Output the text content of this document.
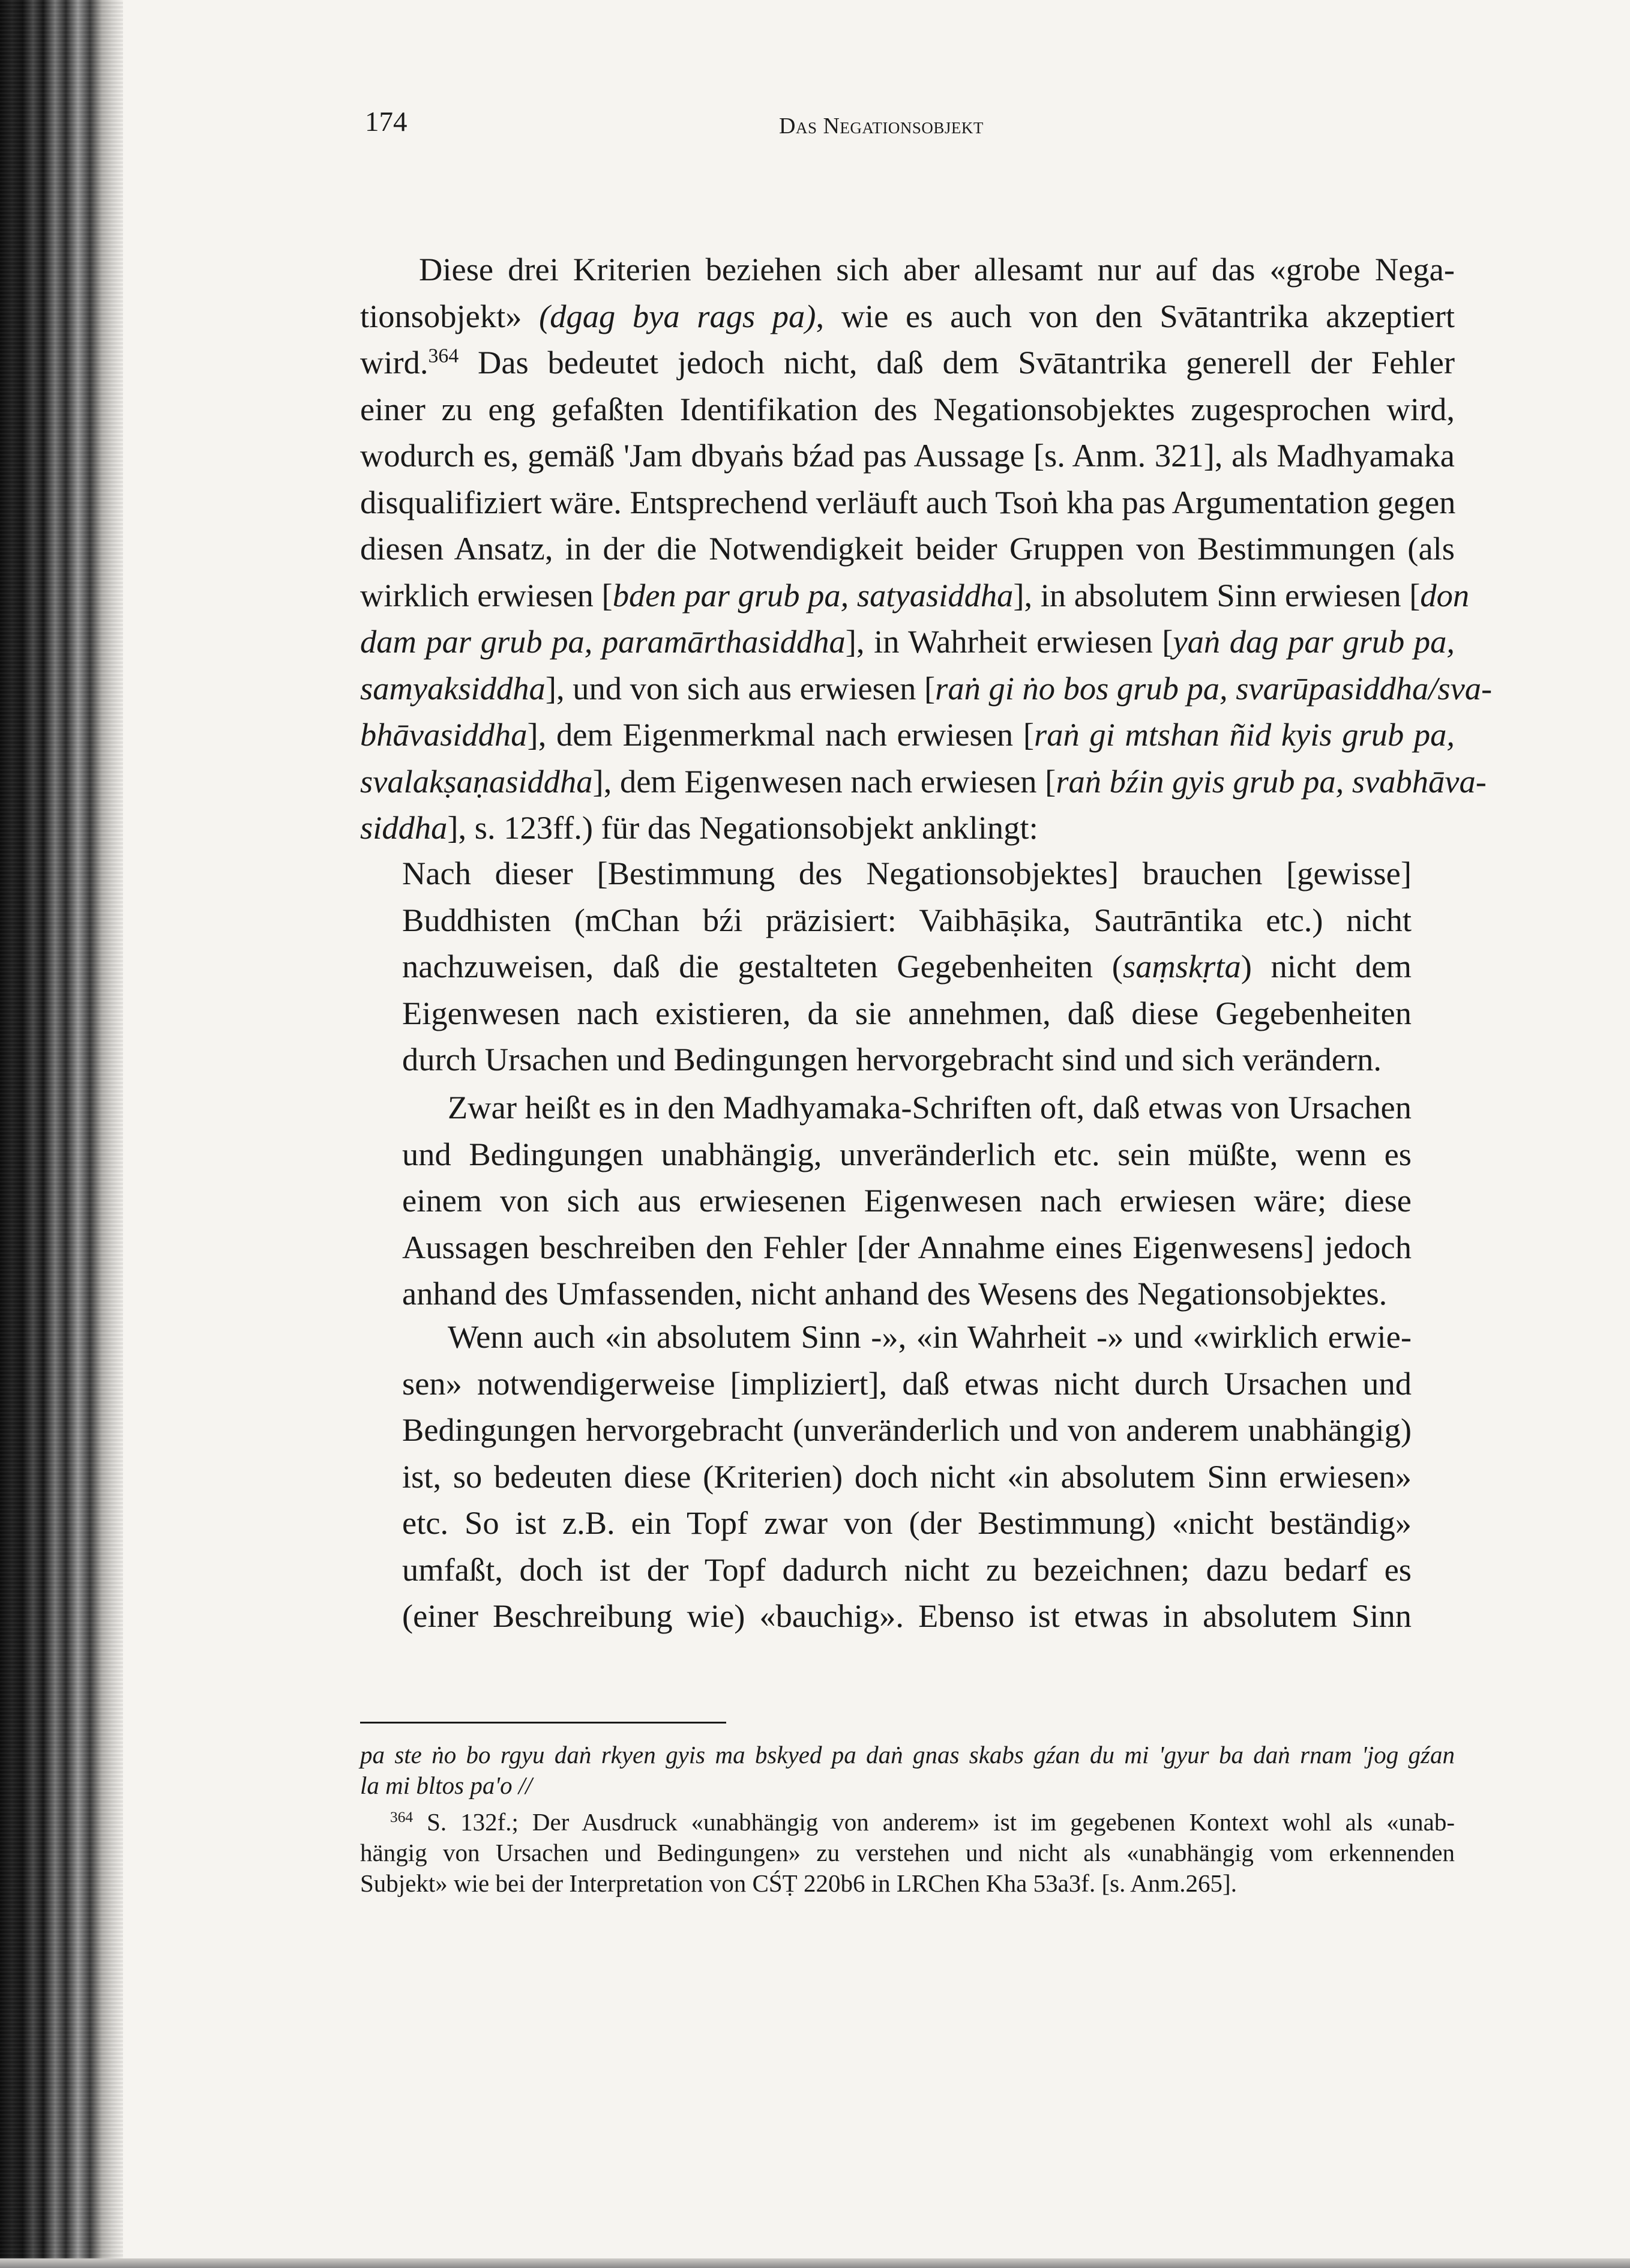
174	Das Negationsobjekt
Diese drei Kriterien beziehen sich aber allesamt nur auf das «grobe Nega-
tionsobjekt» (dgag bya rags pa), wie es auch von den Svātantrika akzeptiert
wird.$^{364}$ Das bedeutet jedoch nicht, daß dem Svātantrika generell der Fehler
einer zu eng gefaßten Identifikation des Negationsobjektes zugesprochen wird,
wodurch es, gemäß 'Jam dbyaṅs bźad pas Aussage [s. Anm. 321], als Madhyamaka
disqualifiziert wäre. Entsprechend verläuft auch Tsoṅ kha pas Argumentation gegen
diesen Ansatz, in der die Notwendigkeit beider Gruppen von Bestimmungen (als
wirklich erwiesen [bden par grub pa, satyasiddha], in absolutem Sinn erwiesen [don
dam par grub pa, paramārthasiddha], in Wahrheit erwiesen [yaṅ dag par grub pa,
samyaksiddha], und von sich aus erwiesen [raṅ gi ṅo bos grub pa, svarūpasiddha/sva-
bhāvasiddha], dem Eigenmerkmal nach erwiesen [raṅ gi mtshan ñid kyis grub pa,
svalakṣaṇasiddha], dem Eigenwesen nach erwiesen [raṅ bźin gyis grub pa, svabhāva-
siddha], s. 123ff.) für das Negationsobjekt anklingt:
Nach dieser [Bestimmung des Negationsobjektes] brauchen [gewisse]
Buddhisten (mChan bźi präzisiert: Vaibhāṣika, Sautrāntika etc.) nicht
nachzuweisen, daß die gestalteten Gegebenheiten (saṃskṛta) nicht dem
Eigenwesen nach existieren, da sie annehmen, daß diese Gegebenheiten
durch Ursachen und Bedingungen hervorgebracht sind und sich verändern.
Zwar heißt es in den Madhyamaka-Schriften oft, daß etwas von Ursachen
und Bedingungen unabhängig, unveränderlich etc. sein müßte, wenn es
einem von sich aus erwiesenen Eigenwesen nach erwiesen wäre; diese
Aussagen beschreiben den Fehler [der Annahme eines Eigenwesens] jedoch
anhand des Umfassenden, nicht anhand des Wesens des Negationsobjektes.
Wenn auch «in absolutem Sinn -», «in Wahrheit -» und «wirklich erwie-
sen» notwendigerweise [impliziert], daß etwas nicht durch Ursachen und
Bedingungen hervorgebracht (unveränderlich und von anderem unabhängig)
ist, so bedeuten diese (Kriterien) doch nicht «in absolutem Sinn erwiesen»
etc. So ist z.B. ein Topf zwar von (der Bestimmung) «nicht beständig»
umfaßt, doch ist der Topf dadurch nicht zu bezeichnen; dazu bedarf es
(einer Beschreibung wie) «bauchig». Ebenso ist etwas in absolutem Sinn
pa ste ṅo bo rgyu daṅ rkyen gyis ma bskyed pa daṅ gnas skabs gźan du mi 'gyur ba daṅ rnam 'jog gźan
la mi bltos pa'o //
$^{364}$ S. 132f.; Der Ausdruck «unabhängig von anderem» ist im gegebenen Kontext wohl als «unab-
hängig von Ursachen und Bedingungen» zu verstehen und nicht als «unabhängig vom erkennenden
Subjekt» wie bei der Interpretation von CŚṬ 220b6 in LRChen Kha 53a3f. [s. Anm.265].
